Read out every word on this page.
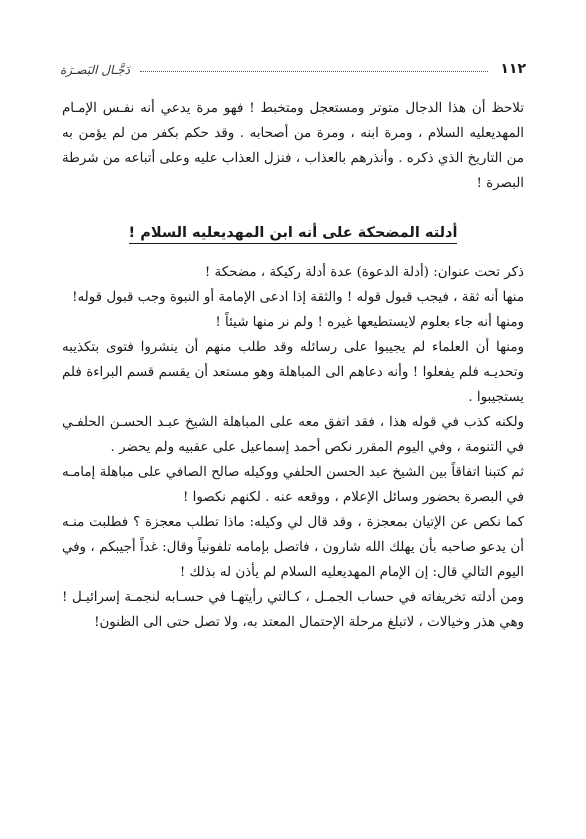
١١٢
دَجَّـال البَصـرَة

تلاحظ أن هذا الدجال متوتر ومستعجل ومتخبط ! فهو مرة يدعي أنه نفـس الإمـام المهديعليه السلام ، ومرة ابنه ، ومرة من أصحابه . وقد حكم بكفر من لم يؤمن به من التاريخ الذي ذكره . وأنذرهم بالعذاب ، فنزل العذاب عليه وعلى أتباعه من شرطة البصرة !

أدلته المضحكة على أنه ابن المهديعليه السلام !

ذكر تحت عنوان: (أدلة الدعوة) عدة أدلة ركيكة ، مضحكة !

منها أنه ثقة ، فيجب قبول قوله ! والثقة إذا ادعى الإمامة أو النبوة وجب قبول قوله!

ومنها أنه جاء بعلوم لايستطيعها غيره ! ولم نر منها شيئاً !

ومنها أن العلماء لم يجيبوا على رسائله وقد طلب منهم أن ينشروا فتوى بتكذيبه وتحديـه فلم يفعلوا ! وأنه دعاهم الى المباهلة وهو مستعد أن يقسم قسم البراءة فلم يستجيبوا .

ولكنه كذب في قوله هذا ، فقد اتفق معه على المباهلة الشيخ عبـد الحسـن الحلفـي في التنومة ، وفي اليوم المقرر نكص أحمد إسماعيل على عقبيه ولم يحضر .

ثم كتبنا اتفاقاً بين الشيخ عبد الحسن الحلفي ووكيله صالح الصافي على مباهلة إمامـه في البصرة بحضور وسائل الإعلام ، ووقعه عنه . لكنهم نكصوا !

كما نكص عن الإتيان بمعجزة ، وقد قال لي وكيله: ماذا تطلب معجزة ؟ فطلبت منـه أن يدعو صاحبه بأن يهلك الله شارون ، فاتصل بإمامه تلفونياً وقال: غداً أجيبكم ، وفي اليوم التالي قال: إن الإمام المهديعليه السلام لم يأذن له بذلك !

ومن أدلته تخريفاته في حساب الجمـل ، كـالتي رأيتهـا في حسـابه لنجمـة إسرائيـل ! وهي هذر وخيالات ، لاتبلغ مرحلة الإحتمال المعتد به، ولا تصل حتى الى الظنون!
